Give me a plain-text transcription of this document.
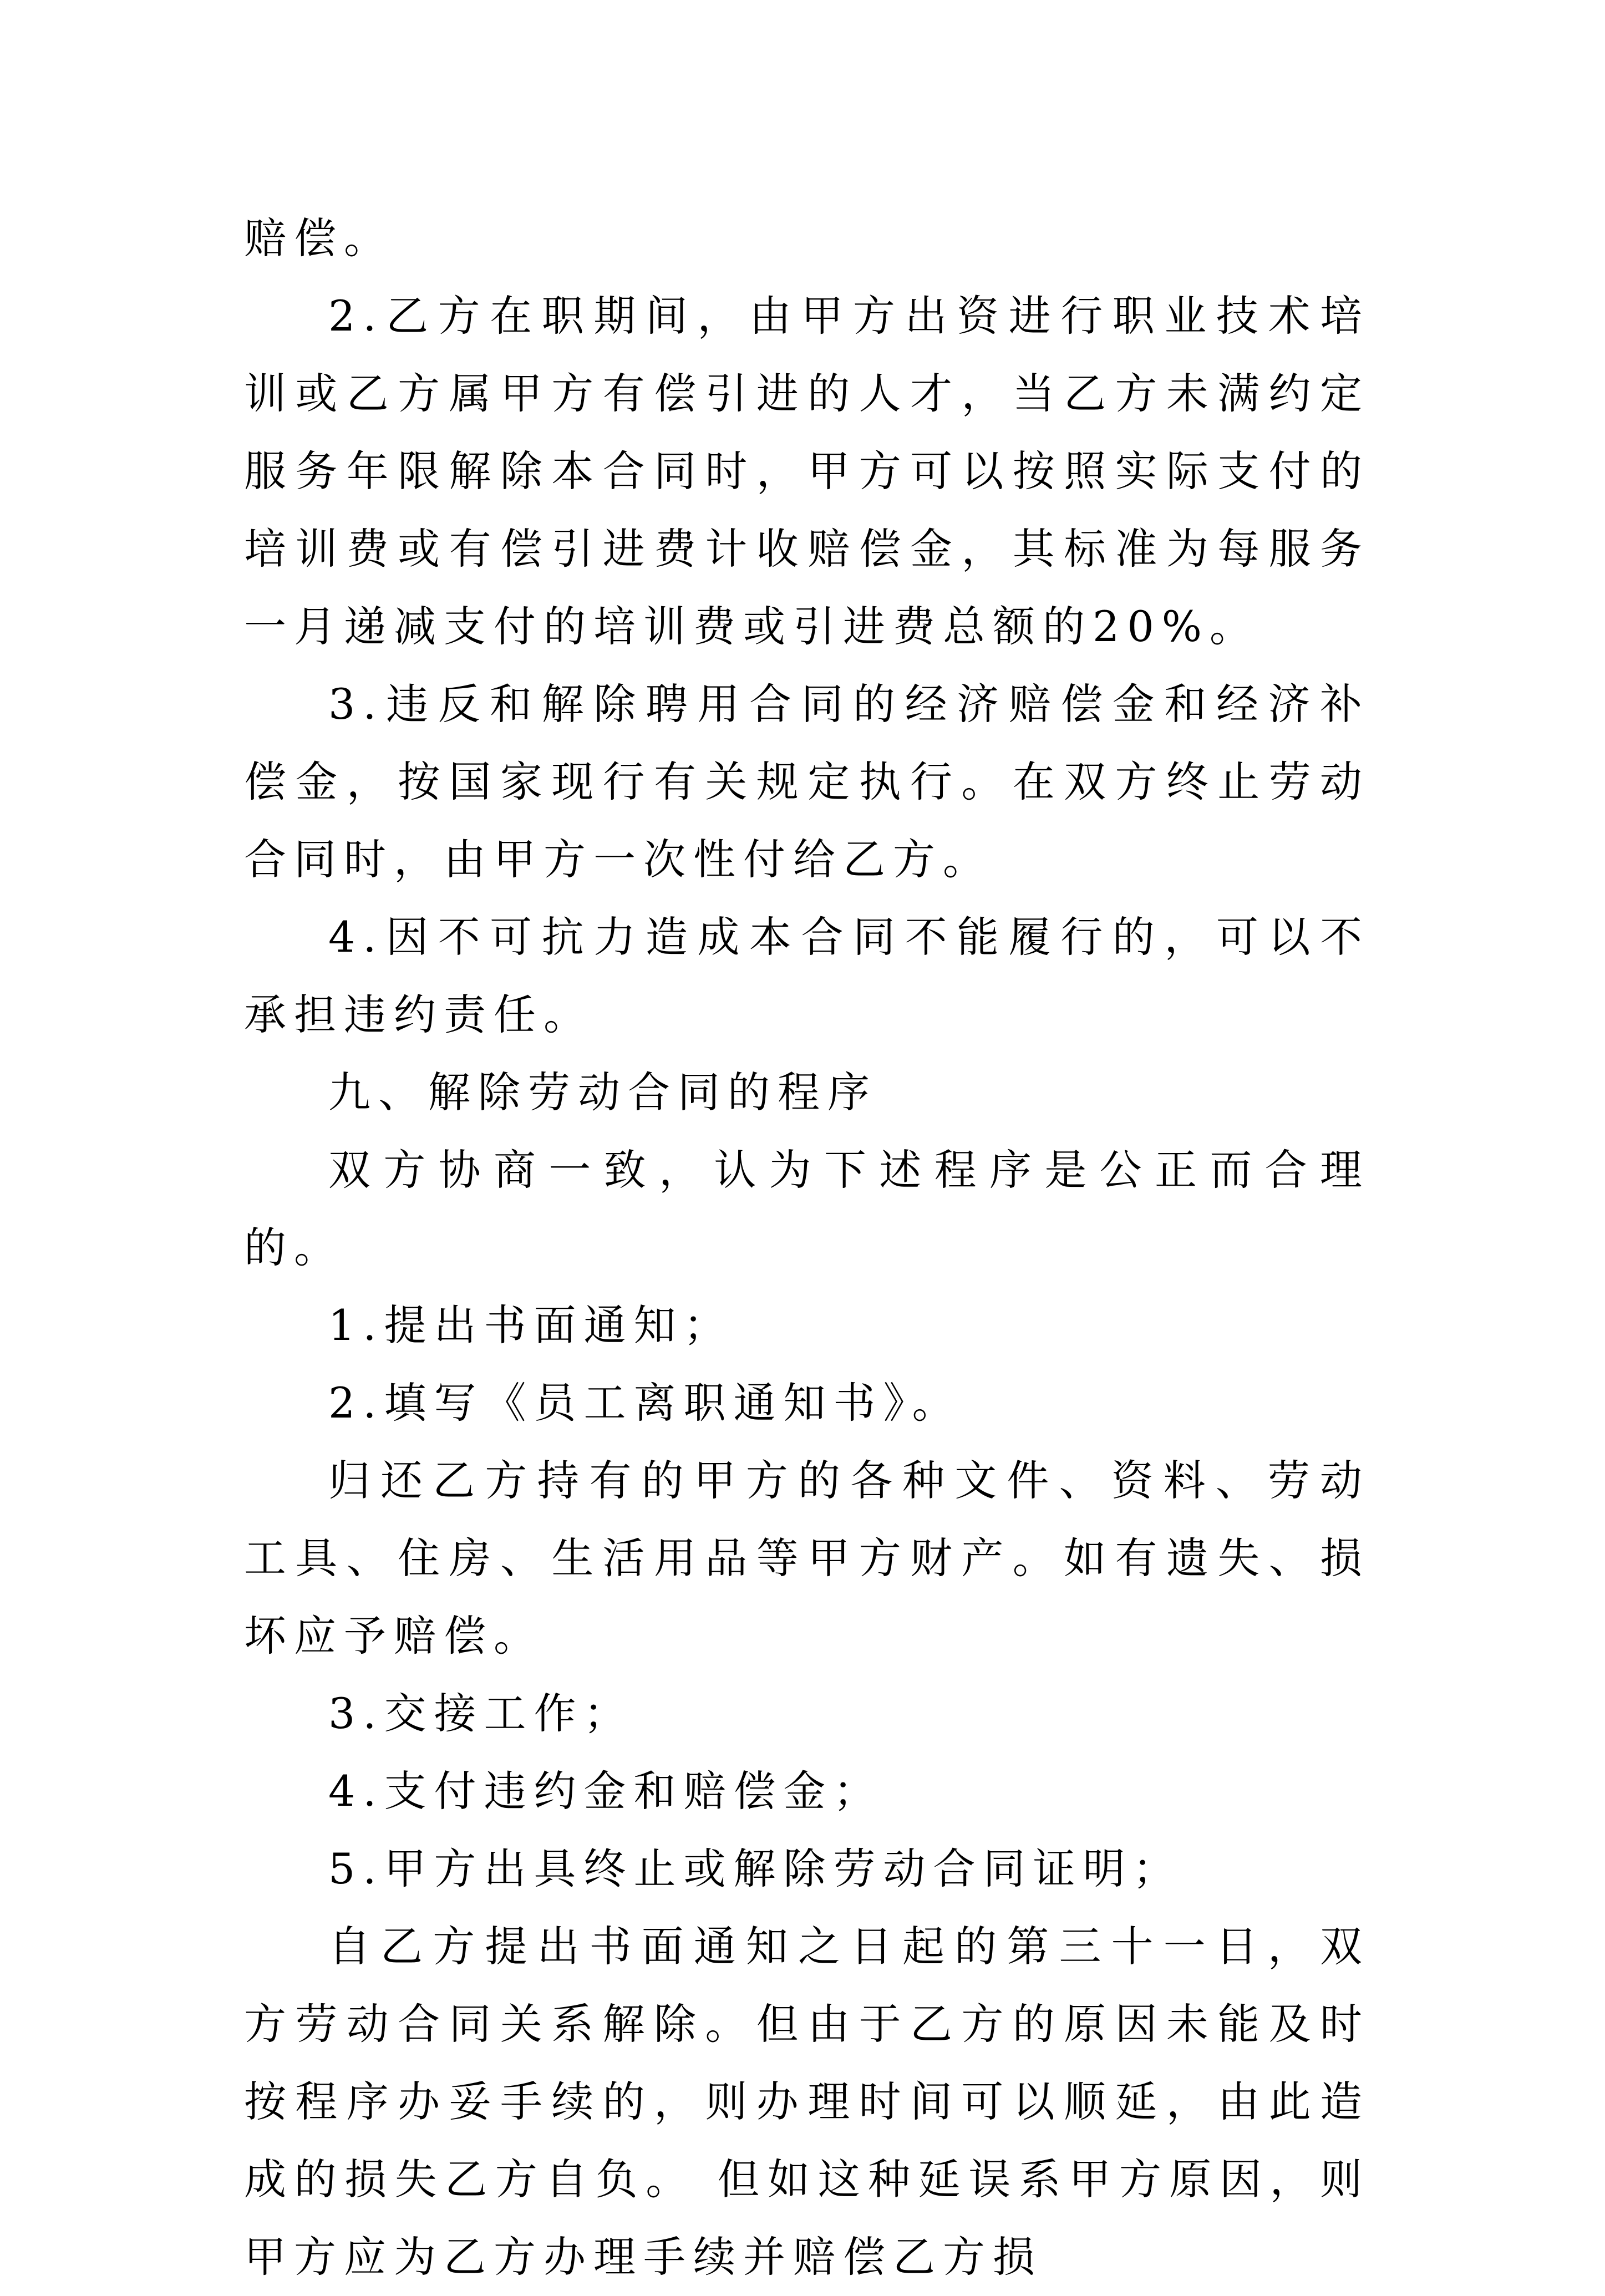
赔偿。

2.乙方在职期间，由甲方出资进行职业技术培训或乙方属甲方有偿引进的人才，当乙方未满约定服务年限解除本合同时，甲方可以按照实际支付的培训费或有偿引进费计收赔偿金，其标准为每服务一月递减支付的培训费或引进费总额的20%。

3.违反和解除聘用合同的经济赔偿金和经济补偿金，按国家现行有关规定执行。在双方终止劳动合同时，由甲方一次性付给乙方。

4.因不可抗力造成本合同不能履行的，可以不承担违约责任。

九、解除劳动合同的程序

双方协商一致，认为下述程序是公正而合理的。

1.提出书面通知；

2.填写《员工离职通知书》。

归还乙方持有的甲方的各种文件、资料、劳动工具、住房、生活用品等甲方财产。如有遗失、损坏应予赔偿。

3.交接工作；

4.支付违约金和赔偿金；

5.甲方出具终止或解除劳动合同证明；

自乙方提出书面通知之日起的第三十一日，双方劳动合同关系解除。但由于乙方的原因未能及时按程序办妥手续的，则办理时间可以顺延，由此造成的损失乙方自负。 但如这种延误系甲方原因，则甲方应为乙方办理手续并赔偿乙方损
